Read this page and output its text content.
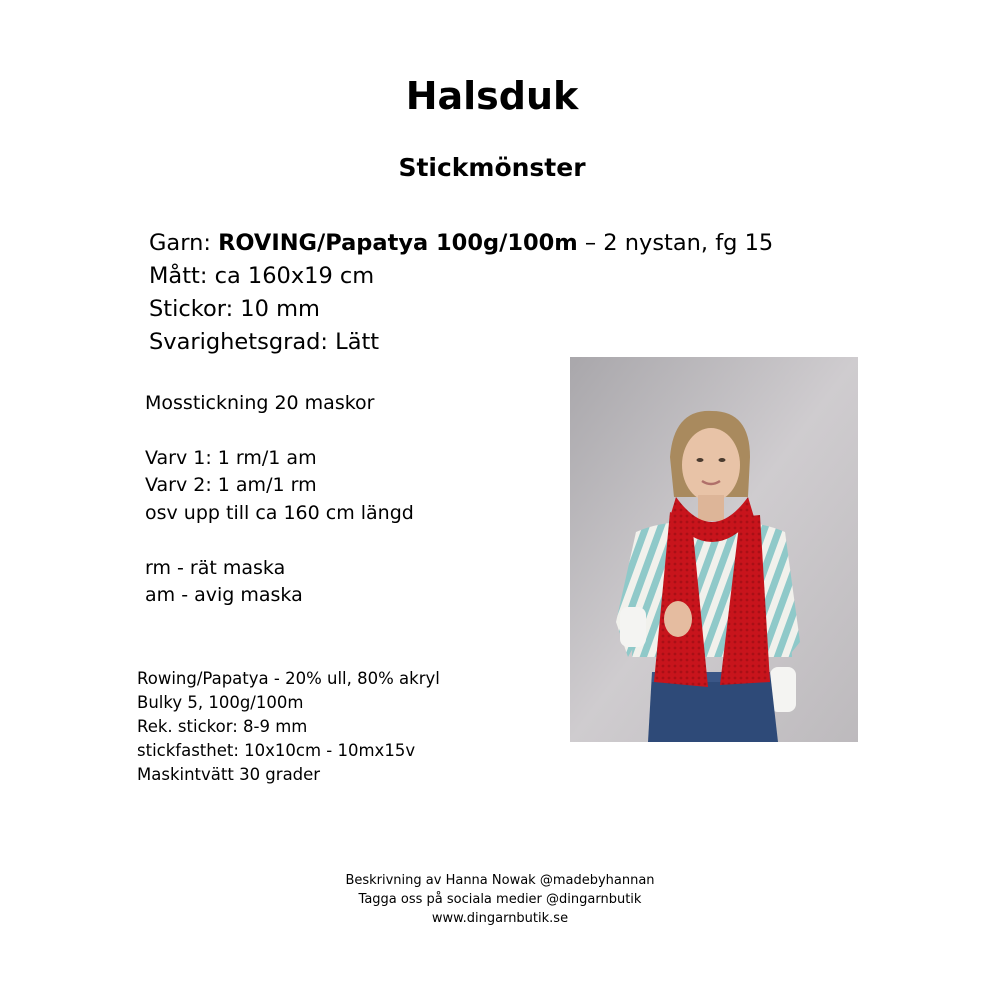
Halsduk
Stickmönster
Garn: ROVING/Papatya 100g/100m – 2 nystan, fg 15
Mått: ca 160x19 cm
Stickor: 10 mm
Svarighetsgrad: Lätt
Mosstickning 20 maskor
Varv 1: 1 rm/1 am
Varv 2: 1 am/1 rm
osv upp till ca 160 cm längd
rm - rät maska
am - avig maska
Rowing/Papatya - 20% ull, 80% akryl
Bulky 5, 100g/100m
Rek. stickor: 8-9 mm
stickfasthet: 10x10cm - 10mx15v
Maskintvätt 30 grader
Beskrivning av Hanna Nowak @madebyhannan
Tagga oss på sociala medier @dingarnbutik
www.dingarnbutik.se
